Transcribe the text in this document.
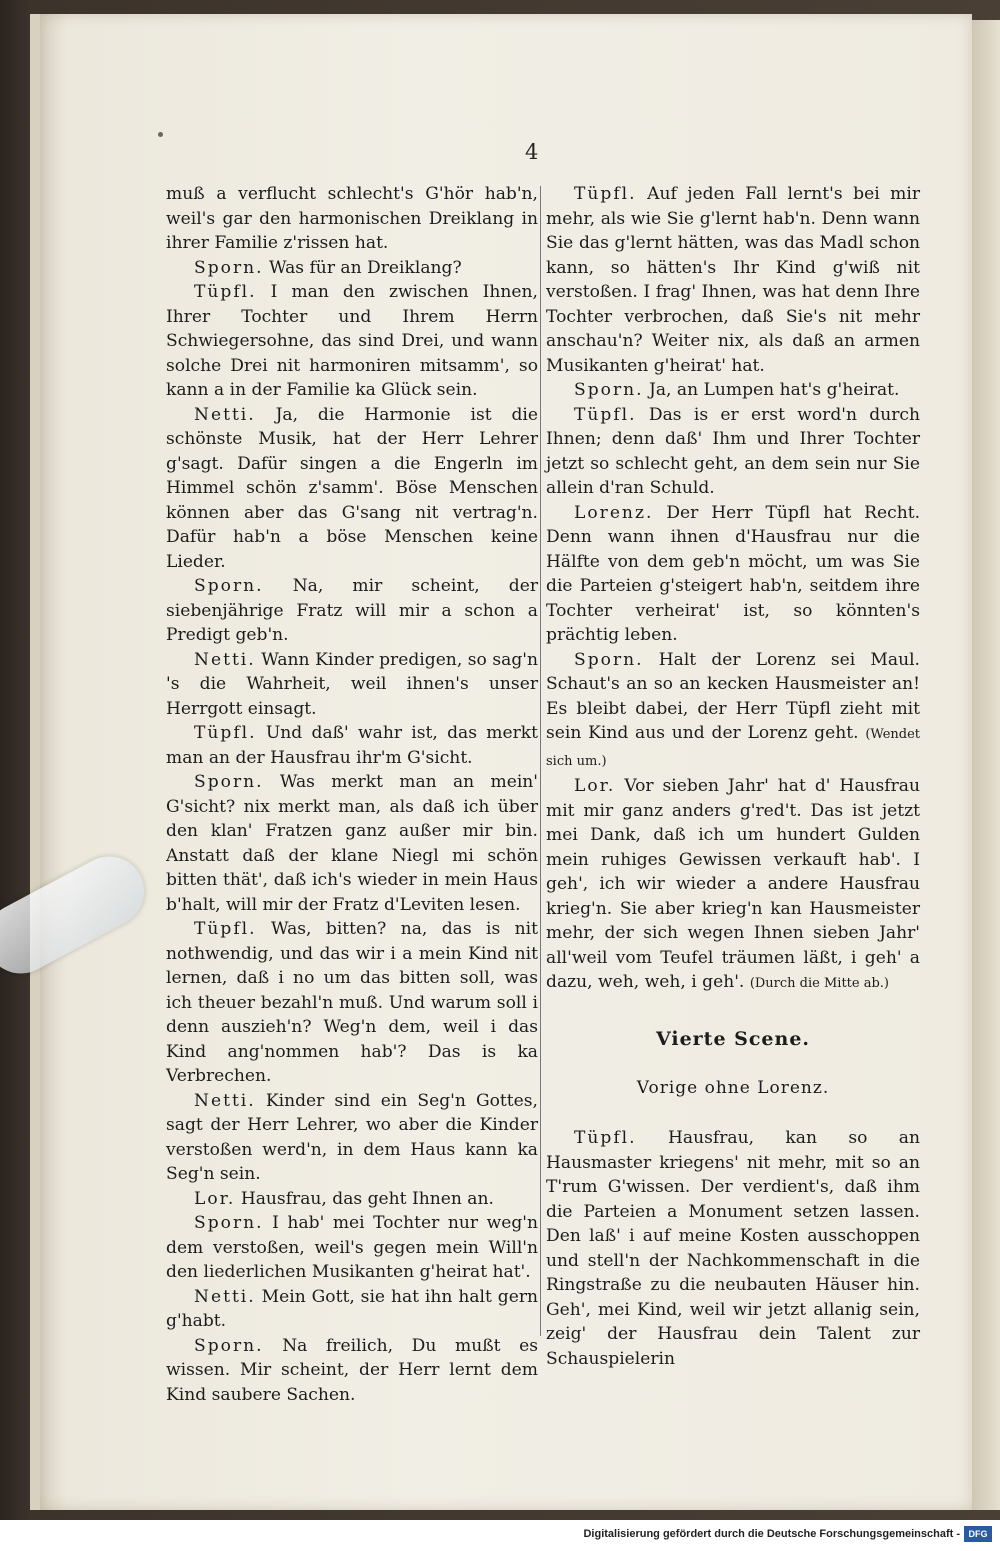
4

muß a verflucht schlecht's G'hör hab'n, weil's gar den harmonischen Dreiklang in ihrer Familie z'rissen hat.

Sporn. Was für an Dreiklang?

Tüpfl. I man den zwischen Ihnen, Ihrer Tochter und Ihrem Herrn Schwiegersohne, das sind Drei, und wann solche Drei nit harmoniren mitsamm', so kann a in der Familie ka Glück sein.

Netti. Ja, die Harmonie ist die schönste Musik, hat der Herr Lehrer g'sagt. Dafür singen a die Engerln im Himmel schön z'samm'. Böse Menschen können aber das G'sang nit vertrag'n. Dafür hab'n a böse Menschen keine Lieder.

Sporn. Na, mir scheint, der siebenjährige Fratz will mir a schon a Predigt geb'n.

Netti. Wann Kinder predigen, so sag'n 's die Wahrheit, weil ihnen's unser Herrgott einsagt.

Tüpfl. Und daß' wahr ist, das merkt man an der Hausfrau ihr'm G'sicht.

Sporn. Was merkt man an mein' G'sicht? nix merkt man, als daß ich über den klan' Fratzen ganz außer mir bin. Anstatt daß der klane Niegl mi schön bitten thät', daß ich's wieder in mein Haus b'halt, will mir der Fratz d'Leviten lesen.

Tüpfl. Was, bitten? na, das is nit nothwendig, und das wir i a mein Kind nit lernen, daß i no um das bitten soll, was ich theuer bezahl'n muß. Und warum soll i denn auszieh'n? Weg'n dem, weil i das Kind ang'nommen hab'? Das is ka Verbrechen.

Netti. Kinder sind ein Seg'n Gottes, sagt der Herr Lehrer, wo aber die Kinder verstoßen werd'n, in dem Haus kann ka Seg'n sein.

Lor. Hausfrau, das geht Ihnen an.

Sporn. I hab' mei Tochter nur weg'n dem verstoßen, weil's gegen mein Will'n den liederlichen Musikanten g'heirat hat'.

Netti. Mein Gott, sie hat ihn halt gern g'habt.

Sporn. Na freilich, Du mußt es wissen. Mir scheint, der Herr lernt dem Kind saubere Sachen.

Tüpfl. Auf jeden Fall lernt's bei mir mehr, als wie Sie g'lernt hab'n. Denn wann Sie das g'lernt hätten, was das Madl schon kann, so hätten's Ihr Kind g'wiß nit verstoßen. I frag' Ihnen, was hat denn Ihre Tochter verbrochen, daß Sie's nit mehr anschau'n? Weiter nix, als daß an armen Musikanten g'heirat' hat.

Sporn. Ja, an Lumpen hat's g'heirat.

Tüpfl. Das is er erst word'n durch Ihnen; denn daß' Ihm und Ihrer Tochter jetzt so schlecht geht, an dem sein nur Sie allein d'ran Schuld.

Lorenz. Der Herr Tüpfl hat Recht. Denn wann ihnen d'Hausfrau nur die Hälfte von dem geb'n möcht, um was Sie die Parteien g'steigert hab'n, seitdem ihre Tochter verheirat' ist, so könnten's prächtig leben.

Sporn. Halt der Lorenz sei Maul. Schaut's an so an kecken Hausmeister an! Es bleibt dabei, der Herr Tüpfl zieht mit sein Kind aus und der Lorenz geht. (Wendet sich um.)

Lor. Vor sieben Jahr' hat d' Hausfrau mit mir ganz anders g'red't. Das ist jetzt mei Dank, daß ich um hundert Gulden mein ruhiges Gewissen verkauft hab'. I geh', ich wir wieder a andere Hausfrau krieg'n. Sie aber krieg'n kan Hausmeister mehr, der sich wegen Ihnen sieben Jahr' all'weil vom Teufel träumen läßt, i geh' a dazu, weh, weh, i geh'. (Durch die Mitte ab.)

Vierte Scene.
Vorige ohne Lorenz.

Tüpfl. Hausfrau, kan so an Hausmaster kriegens' nit mehr, mit so an T'rum G'wissen. Der verdient's, daß ihm die Parteien a Monument setzen lassen. Den laß' i auf meine Kosten ausschoppen und stell'n der Nachkommenschaft in die Ringstraße zu die neubauten Häuser hin. Geh', mei Kind, weil wir jetzt allanig sein, zeig' der Hausfrau dein Talent zur Schauspielerin

Digitalisierung gefördert durch die Deutsche Forschungsgemeinschaft - DFG
